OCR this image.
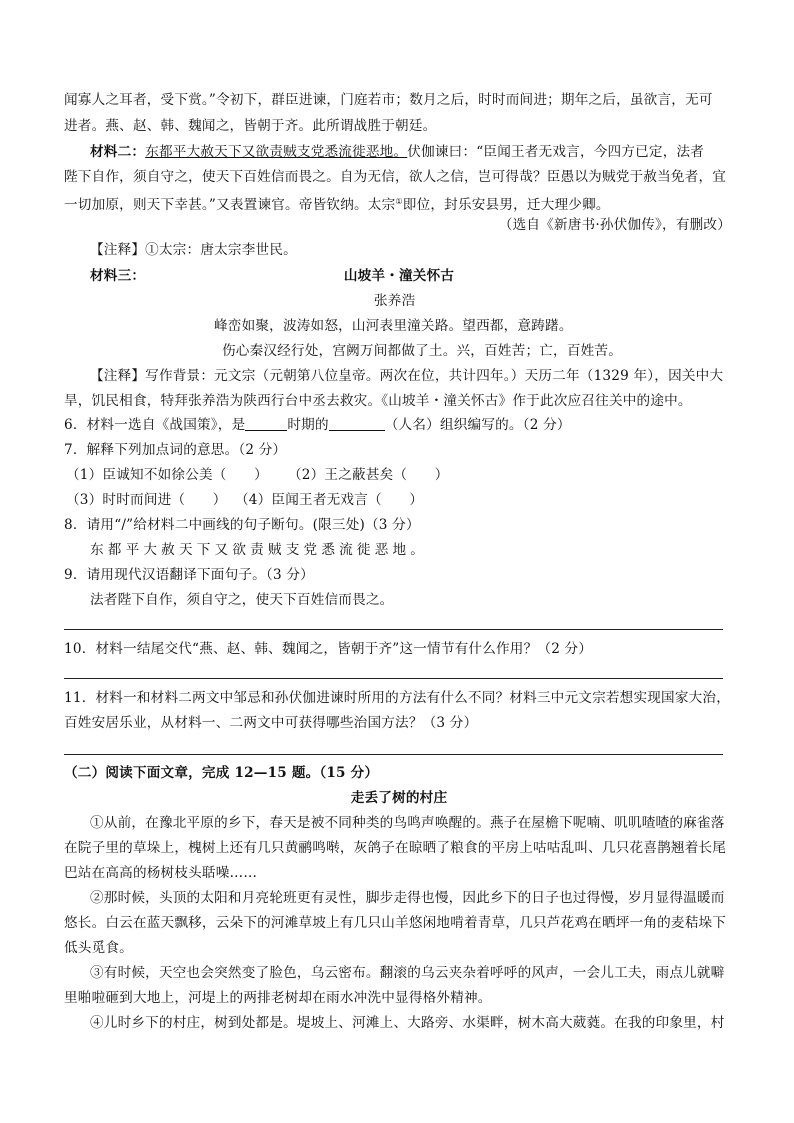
闻寡人之耳者，受下赏。”令初下，群臣进谏，门庭若市；数月之后，时时而间进；期年之后，虽欲言，无可
进者。燕、赵、韩、魏闻之，皆朝于齐。此所谓战胜于朝廷。
材料二：东都平大赦天下又欲责贼支党悉流徙恶地。伏伽谏曰：“臣闻王者无戏言，今四方已定，法者
陛下自作，须自守之，使天下百姓信而畏之。自为无信，欲人之信，岂可得哉？臣愚以为贼党于赦当免者，宜
一切加原，则天下幸甚。”又表置谏官。帝皆钦纳。太宗①即位，封乐安县男，迁大理少卿。
（选自《新唐书·孙伏伽传》，有删改）
【注释】①太宗：唐太宗李世民。
材料三：	山坡羊・潼关怀古
张养浩
峰峦如聚，波涛如怒，山河表里潼关路。望西都，意踌躇。
伤心秦汉经行处，宫阙万间都做了土。兴，百姓苦；亡，百姓苦。
【注释】写作背景：元文宗（元朝第八位皇帝。两次在位，共计四年。）天历二年（1329 年），因关中大
旱，饥民相食，特拜张养浩为陕西行台中丞去救灾。《山坡羊・潼关怀古》作于此次应召往关中的途中。
6．材料一选自《战国策》，是	时期的	（人名）组织编写的。（2 分）
7．解释下列加点词的意思。（2 分）
（1）臣诚知不如徐公美（　　）	（2）王之蔽甚矣（　　）
（3）时时而间进（　　） （4）臣闻王者无戏言（　　）
8．请用“/”给材料二中画线的句子断句。(限三处)（3 分）
东都平大赦天下又欲责贼支党悉流徙恶地。
9．请用现代汉语翻译下面句子。（3 分）
法者陛下自作，须自守之，使天下百姓信而畏之。
10．材料一结尾交代“燕、赵、韩、魏闻之，皆朝于齐”这一情节有什么作用？（2 分）
11．材料一和材料二两文中邹忌和孙伏伽进谏时所用的方法有什么不同？材料三中元文宗若想实现国家大治，
百姓安居乐业，从材料一、二两文中可获得哪些治国方法？（3 分）
（二）阅读下面文章，完成 12—15 题。（15 分）
走丢了树的村庄
①从前，在豫北平原的乡下，春天是被不同种类的鸟鸣声唤醒的。燕子在屋檐下呢喃、叽叽喳喳的麻雀落
在院子里的草垛上，槐树上还有几只黄鹂鸣啭，灰鸽子在晾晒了粮食的平房上咕咕乱叫、几只花喜鹊翘着长尾
巴站在高高的杨树枝头聒噪……
②那时候，头顶的太阳和月亮轮班更有灵性，脚步走得也慢，因此乡下的日子也过得慢，岁月显得温暖而
悠长。白云在蓝天飘移，云朵下的河滩草坡上有几只山羊悠闲地啃着青草，几只芦花鸡在晒坪一角的麦秸垛下
低头觅食。
③有时候，天空也会突然变了脸色，乌云密布。翻滚的乌云夹杂着呼呼的风声，一会儿工夫，雨点儿就噼
里啪啦砸到大地上，河堤上的两排老树却在雨水冲洗中显得格外精神。
④儿时乡下的村庄，树到处都是。堤坡上、河滩上、大路旁、水渠畔，树木高大葳蕤。在我的印象里，村
